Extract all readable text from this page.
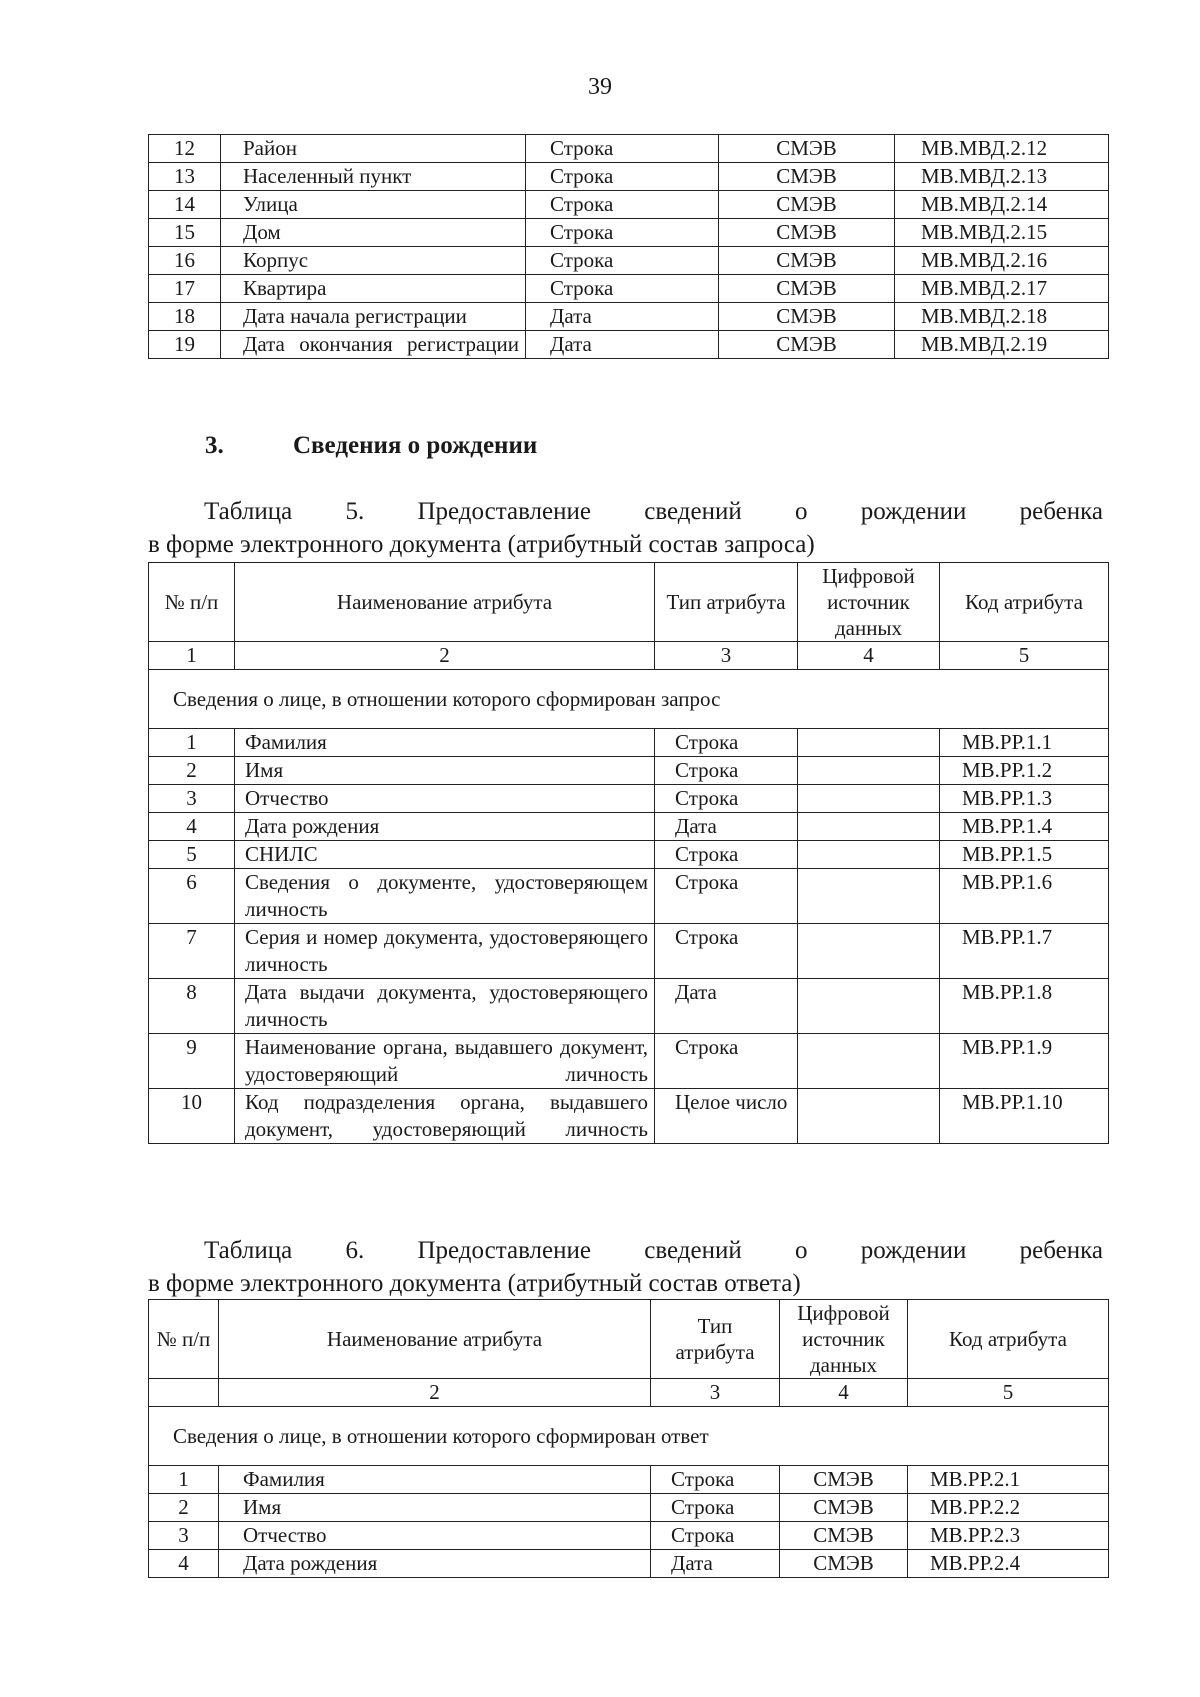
39
12	Район	Строка	СМЭВ	МВ.МВД.2.12
13	Населенный пункт	Строка	СМЭВ	МВ.МВД.2.13
14	Улица	Строка	СМЭВ	МВ.МВД.2.14
15	Дом	Строка	СМЭВ	МВ.МВД.2.15
16	Корпус	Строка	СМЭВ	МВ.МВД.2.16
17	Квартира	Строка	СМЭВ	МВ.МВД.2.17
18	Дата начала регистрации	Дата	СМЭВ	МВ.МВД.2.18
19	Дата окончания регистрации	Дата	СМЭВ	МВ.МВД.2.19
3.	Сведения о рождении
Таблица 5. Предоставление сведений о рождении ребенка
в форме электронного документа (атрибутный состав запроса)
№ п/п	Наименование атрибута	Тип атрибута	Цифровой источник данных	Код атрибута
1	2	3	4	5
Сведения о лице, в отношении которого сформирован запрос				
1	Фамилия	Строка		МВ.РР.1.1
2	Имя	Строка		МВ.РР.1.2
3	Отчество	Строка		МВ.РР.1.3
4	Дата рождения	Дата		МВ.РР.1.4
5	СНИЛС	Строка		МВ.РР.1.5
6	Сведения о документе, удостоверяющем личность	Строка		МВ.РР.1.6
7	Серия и номер документа, удостоверяющего личность	Строка		МВ.РР.1.7
8	Дата выдачи документа, удостоверяющего личность	Дата		МВ.РР.1.8
9	Наименование органа, выдавшего документ, удостоверяющий личность	Строка		МВ.РР.1.9
10	Код подразделения органа, выдавшего документ, удостоверяющий личность	Целое число		МВ.РР.1.10
Таблица 6. Предоставление сведений о рождении ребенка
в форме электронного документа (атрибутный состав ответа)
№ п/п	Наименование атрибута	Тип атрибута	Цифровой источник данных	Код атрибута
	2	3	4	5
Сведения о лице, в отношении которого сформирован ответ				
1	Фамилия	Строка	СМЭВ	МВ.РР.2.1
2	Имя	Строка	СМЭВ	МВ.РР.2.2
3	Отчество	Строка	СМЭВ	МВ.РР.2.3
4	Дата рождения	Дата	СМЭВ	МВ.РР.2.4
